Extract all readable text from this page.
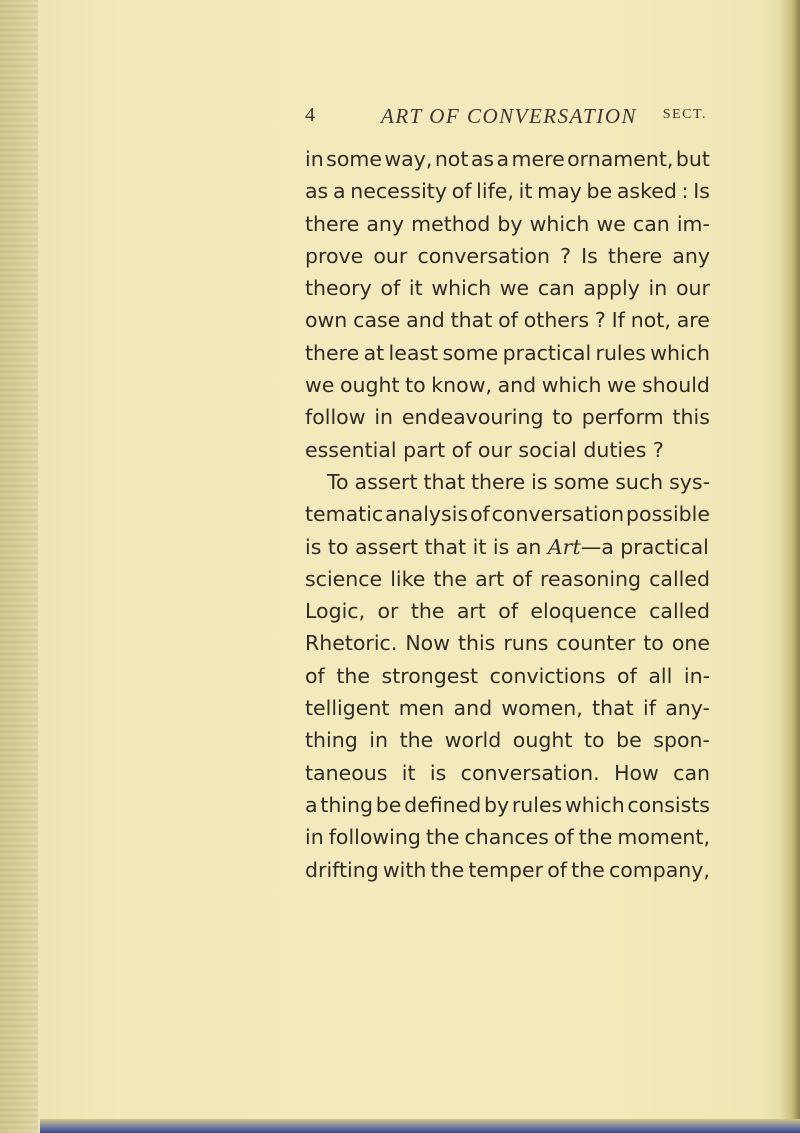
4	ART OF CONVERSATION SECT.
in some way, not as a mere ornament, but
as a necessity of life, it may be asked : Is
there any method by which we can im-
prove our conversation ? Is there any
theory of it which we can apply in our
own case and that of others ? If not, are
there at least some practical rules which
we ought to know, and which we should
follow in endeavouring to perform this
essential part of our social duties ?
To assert that there is some such sys-
tematic analysis of conversation possible
is to assert that it is an Art —a practical
science like the art of reasoning called
Logic, or the art of eloquence called
Rhetoric. Now this runs counter to one
of the strongest convictions of all in-
telligent men and women, that if any-
thing in the world ought to be spon-
taneous it is conversation. How can
a thing be defined by rules which consists
in following the chances of the moment,
drifting with the temper of the company,
